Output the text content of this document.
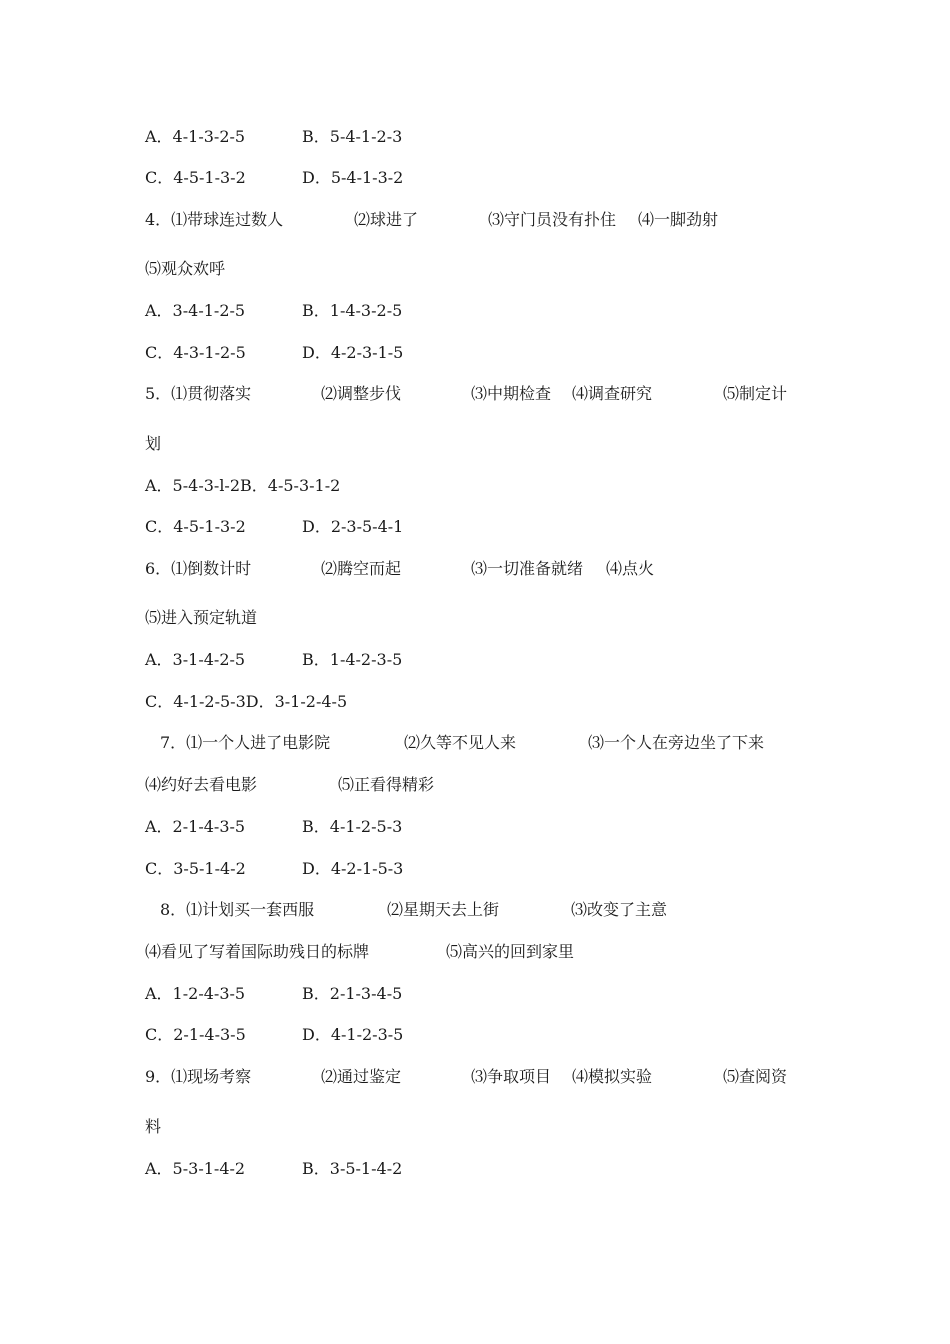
A．4-1-3-2-5	B．5-4-1-2-3
C．4-5-1-3-2	D．5-4-1-3-2
4．⑴带球连过数人	⑵球进了	⑶守门员没有扑住 ⑷一脚劲射
⑸观众欢呼
A．3-4-1-2-5	B．1-4-3-2-5
C．4-3-1-2-5	D．4-2-3-1-5
5．⑴贯彻落实	⑵调整步伐	⑶中期检查 ⑷调查研究	⑸制定计
划
A．5-4-3-l-2B．4-5-3-1-2
C．4-5-1-3-2	D．2-3-5-4-1
6．⑴倒数计时	⑵腾空而起	⑶一切准备就绪 ⑷点火
⑸进入预定轨道
A．3-1-4-2-5	B．1-4-2-3-5
C．4-1-2-5-3D．3-1-2-4-5
7．⑴一个人进了电影院	⑵久等不见人来	⑶一个人在旁边坐了下来
⑷约好去看电影	⑸正看得精彩
A．2-1-4-3-5	B．4-1-2-5-3
C．3-5-1-4-2	D．4-2-1-5-3
8．⑴计划买一套西服	⑵星期天去上街	⑶改变了主意
⑷看见了写着国际助残日的标牌	⑸高兴的回到家里
A．1-2-4-3-5	B．2-1-3-4-5
C．2-1-4-3-5	D．4-1-2-3-5
9．⑴现场考察	⑵通过鉴定	⑶争取项目 ⑷模拟实验	⑸查阅资
料
A．5-3-1-4-2	B．3-5-1-4-2
